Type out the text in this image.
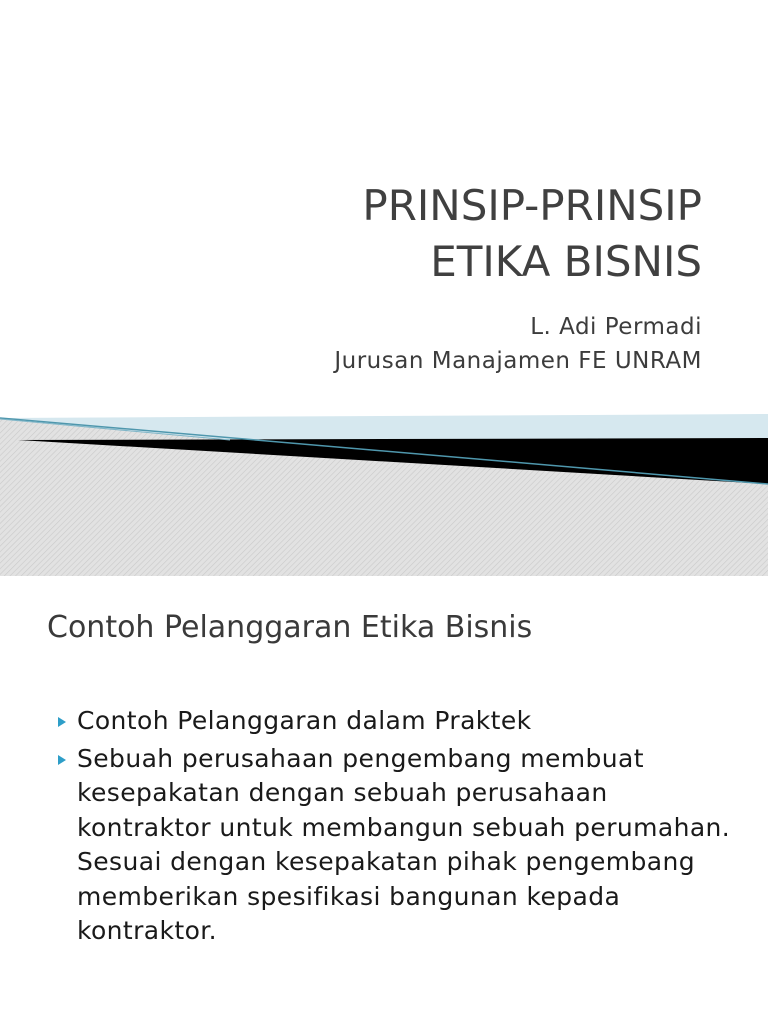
PRINSIP-PRINSIP
ETIKA BISNIS
L. Adi Permadi
Jurusan Manajamen FE UNRAM
Contoh Pelanggaran Etika Bisnis
Contoh Pelanggaran dalam Praktek
Sebuah perusahaan pengembang membuat kesepakatan dengan sebuah perusahaan kontraktor untuk membangun sebuah perumahan. Sesuai dengan kesepakatan pihak pengembang memberikan spesifikasi bangunan kepada kontraktor.
